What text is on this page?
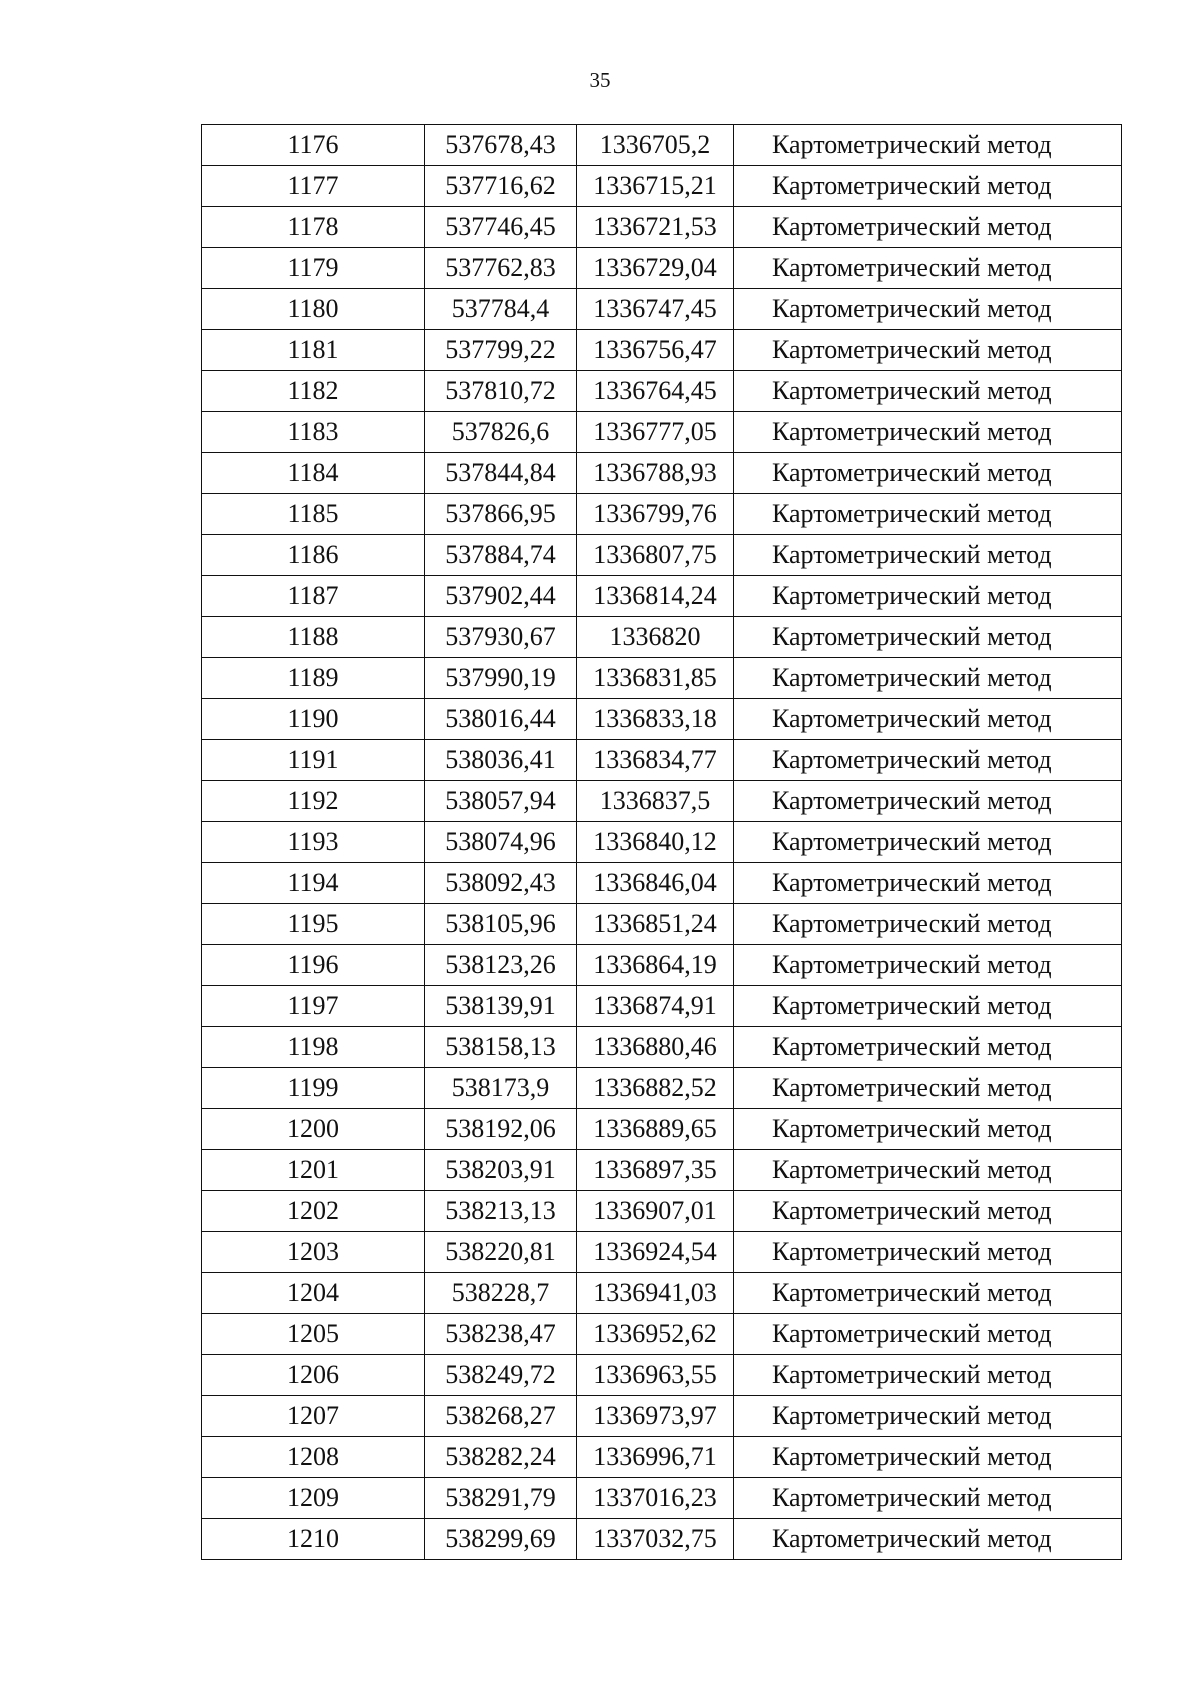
35
1176	537678,43	1336705,2	Картометрический метод
1177	537716,62	1336715,21	Картометрический метод
1178	537746,45	1336721,53	Картометрический метод
1179	537762,83	1336729,04	Картометрический метод
1180	537784,4	1336747,45	Картометрический метод
1181	537799,22	1336756,47	Картометрический метод
1182	537810,72	1336764,45	Картометрический метод
1183	537826,6	1336777,05	Картометрический метод
1184	537844,84	1336788,93	Картометрический метод
1185	537866,95	1336799,76	Картометрический метод
1186	537884,74	1336807,75	Картометрический метод
1187	537902,44	1336814,24	Картометрический метод
1188	537930,67	1336820	Картометрический метод
1189	537990,19	1336831,85	Картометрический метод
1190	538016,44	1336833,18	Картометрический метод
1191	538036,41	1336834,77	Картометрический метод
1192	538057,94	1336837,5	Картометрический метод
1193	538074,96	1336840,12	Картометрический метод
1194	538092,43	1336846,04	Картометрический метод
1195	538105,96	1336851,24	Картометрический метод
1196	538123,26	1336864,19	Картометрический метод
1197	538139,91	1336874,91	Картометрический метод
1198	538158,13	1336880,46	Картометрический метод
1199	538173,9	1336882,52	Картометрический метод
1200	538192,06	1336889,65	Картометрический метод
1201	538203,91	1336897,35	Картометрический метод
1202	538213,13	1336907,01	Картометрический метод
1203	538220,81	1336924,54	Картометрический метод
1204	538228,7	1336941,03	Картометрический метод
1205	538238,47	1336952,62	Картометрический метод
1206	538249,72	1336963,55	Картометрический метод
1207	538268,27	1336973,97	Картометрический метод
1208	538282,24	1336996,71	Картометрический метод
1209	538291,79	1337016,23	Картометрический метод
1210	538299,69	1337032,75	Картометрический метод
